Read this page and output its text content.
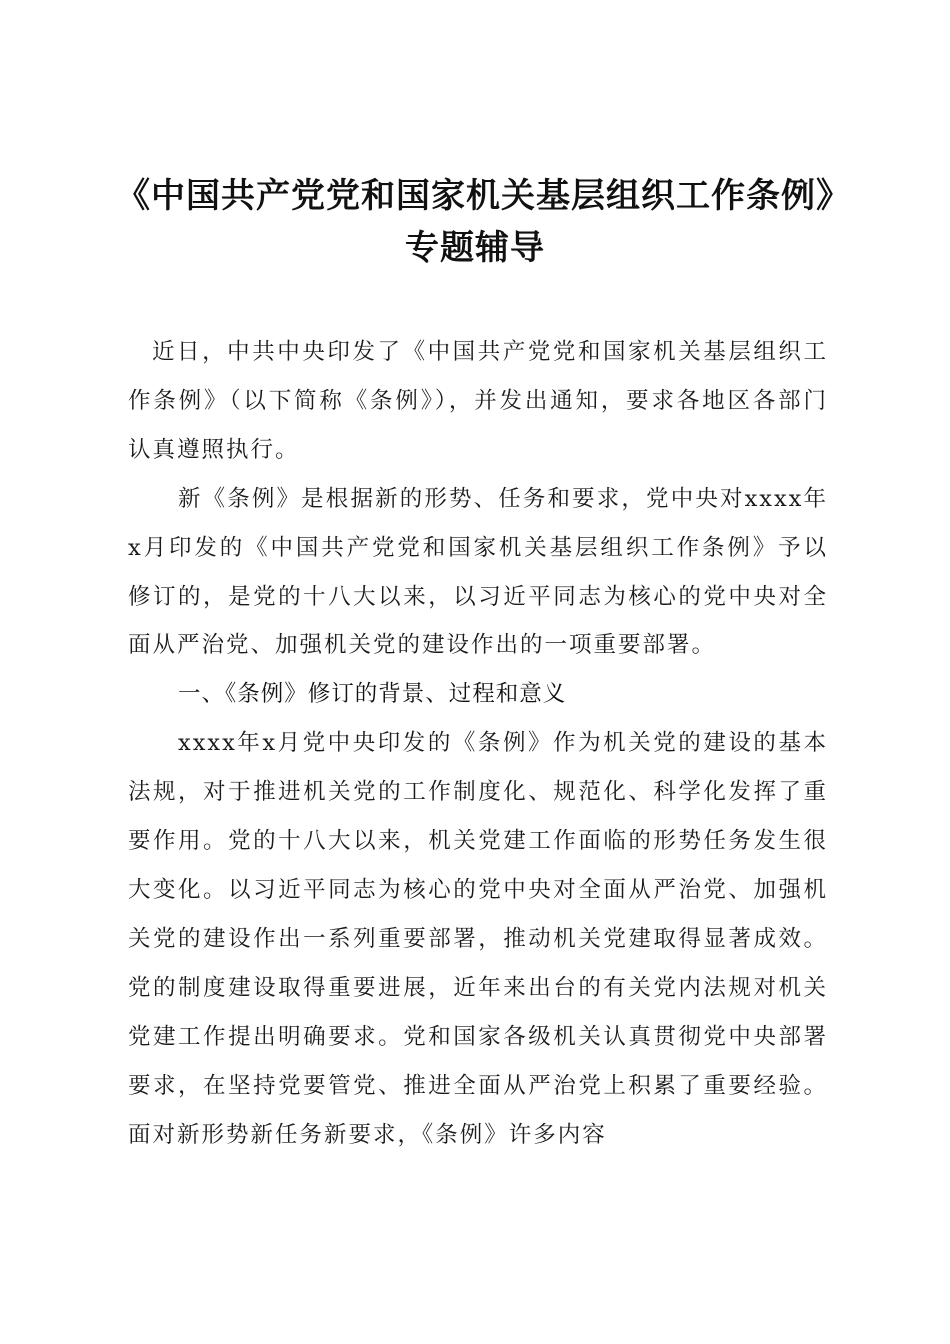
《中国共产党党和国家机关基层组织工作条例》专题辅导

近日，中共中央印发了《中国共产党党和国家机关基层组织工作条例》（以下简称《条例》），并发出通知，要求各地区各部门认真遵照执行。

新《条例》是根据新的形势、任务和要求，党中央对xxxx年x月印发的《中国共产党党和国家机关基层组织工作条例》予以修订的，是党的十八大以来，以习近平同志为核心的党中央对全面从严治党、加强机关党的建设作出的一项重要部署。

一、《条例》修订的背景、过程和意义

xxxx年x月党中央印发的《条例》作为机关党的建设的基本法规，对于推进机关党的工作制度化、规范化、科学化发挥了重要作用。党的十八大以来，机关党建工作面临的形势任务发生很大变化。以习近平同志为核心的党中央对全面从严治党、加强机关党的建设作出一系列重要部署，推动机关党建取得显著成效。党的制度建设取得重要进展，近年来出台的有关党内法规对机关党建工作提出明确要求。党和国家各级机关认真贯彻党中央部署要求，在坚持党要管党、推进全面从严治党上积累了重要经验。面对新形势新任务新要求，《条例》许多内容
